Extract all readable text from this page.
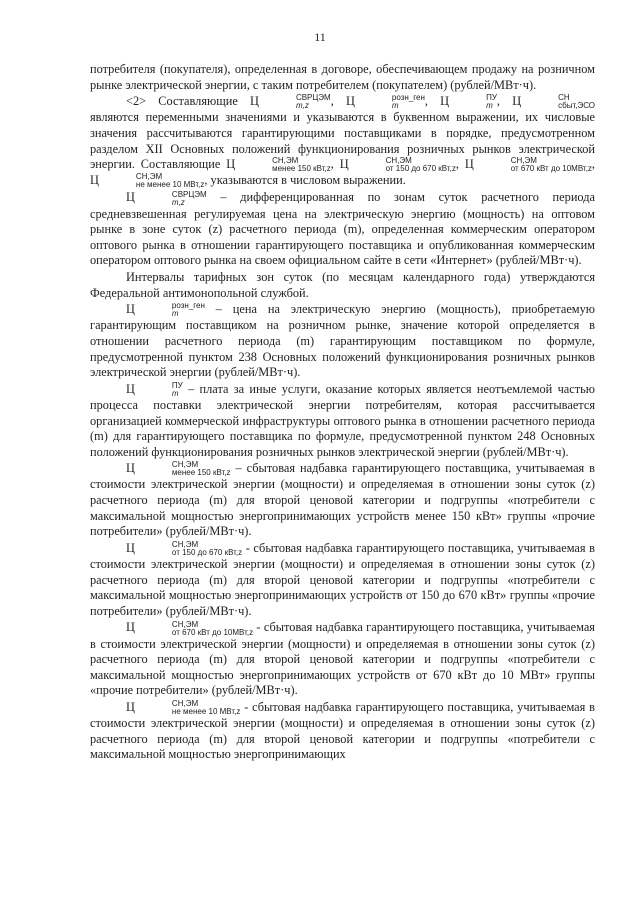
11

потребителя (покупателя), определенная в договоре, обеспечивающем продажу на розничном рынке электрической энергии, с таким потребителем (покупателем) (рублей/МВт·ч).

<2> Составляющие Ц	СВРЦЭМ
m,z	, Ц	розн_ген
m	, Ц	ПУ
m , Ц	СН
сбыт,ЭСО
являются переменными значениями и указываются в буквенном выражении, их числовые значения рассчитываются гарантирующими поставщиками в порядке, предусмотренном разделом XII Основных положений функционирования розничных рынков электрической энергии. Составляющие Ц	СН,ЭМ
менее 150 кВт,z , Ц	СН,ЭМ
от 150 до 670 кВт,z , Ц	СН,ЭМ
от 670 кВт до 10МВт,z , Ц	СН,ЭМ
не менее 10 МВт,z , указываются в числовом выражении.

Ц	СВРЦЭМ
m,z	– дифференцированная по зонам суток расчетного периода средневзвешенная регулируемая цена на электрическую энергию (мощность) на оптовом рынке в зоне суток (z) расчетного периода (m), определенная коммерческим оператором оптового рынка в отношении гарантирующего поставщика и опубликованная коммерческим оператором оптового рынка на своем официальном сайте в сети «Интернет» (рублей/МВт·ч).

Интервалы тарифных зон суток (по месяцам календарного года) утверждаются Федеральной антимонопольной службой.

Ц	розн_ген
m	– цена на электрическую энергию (мощность), приобретаемую гарантирующим поставщиком на розничном рынке, значение которой определяется в отношении расчетного периода (m) гарантирующим поставщиком по формуле, предусмотренной пунктом 238 Основных положений функционирования розничных рынков электрической энергии (рублей/МВт·ч).

Ц	ПУ
m – плата за иные услуги, оказание которых является неотъемлемой частью процесса поставки электрической энергии потребителям, которая рассчитывается организацией коммерческой инфраструктуры оптового рынка в отношении расчетного периода (m) для гарантирующего поставщика по формуле, предусмотренной пунктом 248 Основных положений функционирования розничных рынков электрической энергии (рублей/МВт·ч).

Ц	СН,ЭМ
менее 150 кВт,z – сбытовая надбавка гарантирующего поставщика, учитываемая в стоимости электрической энергии (мощности) и определяемая в отношении зоны суток (z) расчетного периода (m) для второй ценовой категории и подгруппы «потребители с максимальной мощностью энергопринимающих устройств менее 150 кВт» группы «прочие потребители» (рублей/МВт·ч).

Ц	СН,ЭМ
от 150 до 670 кВт,z - сбытовая надбавка гарантирующего поставщика, учитываемая в стоимости электрической энергии (мощности) и определяемая в отношении зоны суток (z) расчетного периода (m) для второй ценовой категории и подгруппы «потребители с максимальной мощностью энергопринимающих устройств от 150 до 670 кВт» группы «прочие потребители» (рублей/МВт·ч).

Ц	СН,ЭМ
от 670 кВт до 10МВт,z - сбытовая надбавка гарантирующего поставщика, учитываемая в стоимости электрической энергии (мощности) и определяемая в отношении зоны суток (z) расчетного периода (m) для второй ценовой категории и подгруппы «потребители с максимальной мощностью энергопринимающих устройств от 670 кВт до 10 МВт» группы «прочие потребители» (рублей/МВт·ч).

Ц	СН,ЭМ
не менее 10 МВт,z - сбытовая надбавка гарантирующего поставщика, учитываемая в стоимости электрической энергии (мощности) и определяемая в отношении зоны суток (z) расчетного периода (m) для второй ценовой категории и подгруппы «потребители с максимальной мощностью энергопринимающих
